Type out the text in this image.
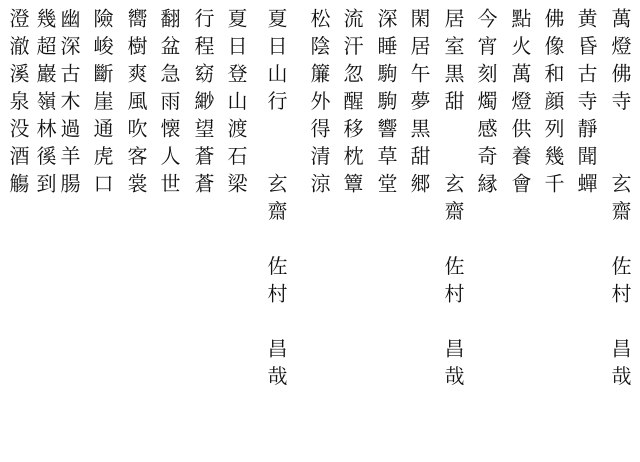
萬燈佛寺　　玄齋　佐村　昌哉
黄昏古寺靜聞蟬
佛像和顔列幾千
點火萬燈供養會
今宵刻燭感奇縁
居室黒甜　　玄齋　佐村　昌哉
閑居午夢黒甜郷
深睡駒駒響草堂
流汗忽醒移枕簟
松陰簾外得清涼
夏日山行　　玄齋　佐村　昌哉
夏日登山渡石梁
行程窈緲望蒼蒼
翻盆急雨懐人世
嚮樹爽風吹客裳
險峻斷崖通虎口
幽深古木過羊腸
幾超巖嶺林徯到
澄澈溪泉没酒觴
